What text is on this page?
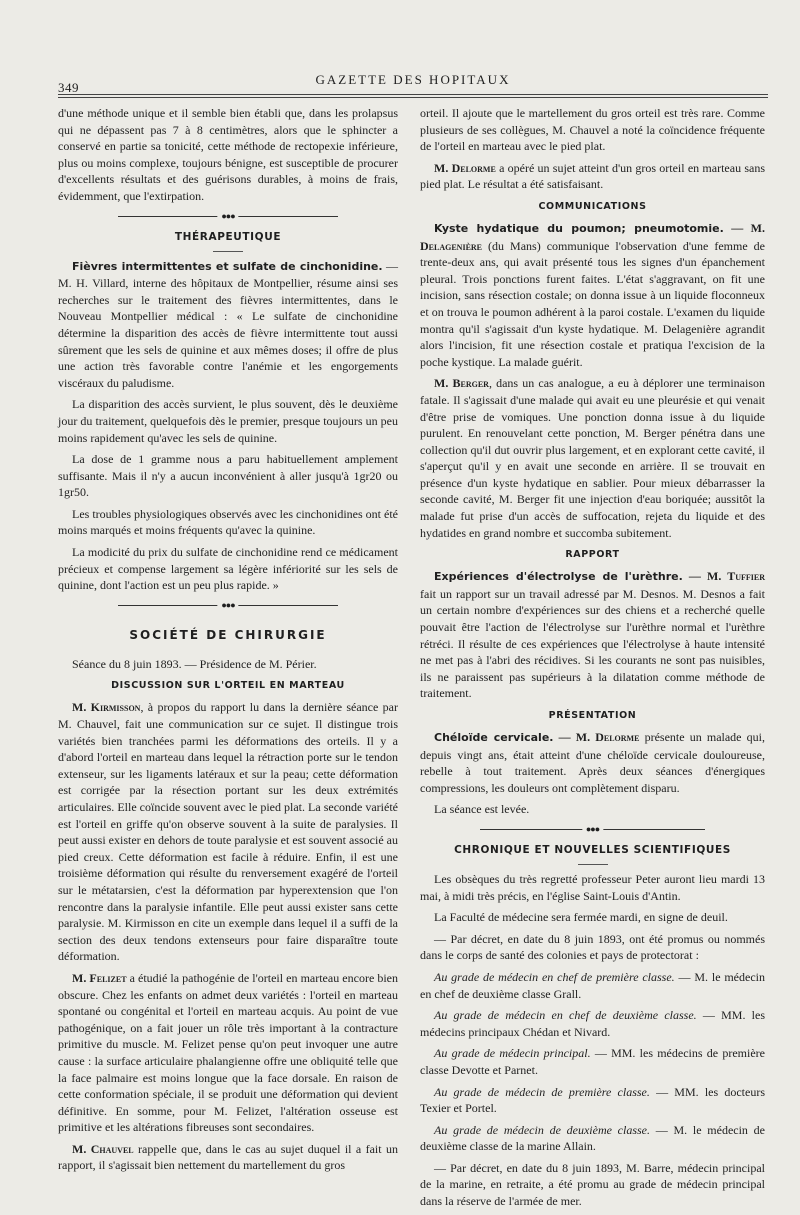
349
GAZETTE DES HOPITAUX

d'une méthode unique et il semble bien établi que, dans les prolapsus qui ne dépassent pas 7 à 8 centimètres, alors que le sphincter a conservé en partie sa tonicité, cette méthode de rectopexie inférieure, plus ou moins complexe, toujours bénigne, est susceptible de procurer d'excellents résultats et des guérisons durables, à moins de frais, évidemment, que l'extirpation.

●●●
THÉRAPEUTIQUE

Fièvres intermittentes et sulfate de cinchonidine. — M. H. Villard, interne des hôpitaux de Montpellier, résume ainsi ses recherches sur le traitement des fièvres intermittentes, dans le Nouveau Montpellier médical : « Le sulfate de cinchonidine détermine la disparition des accès de fièvre intermittente tout aussi sûrement que les sels de quinine et aux mêmes doses; il offre de plus une action très favorable contre l'anémie et les engorgements viscéraux du paludisme.

La disparition des accès survient, le plus souvent, dès le deuxième jour du traitement, quelquefois dès le premier, presque toujours un peu moins rapidement qu'avec les sels de quinine.

La dose de 1 gramme nous a paru habituellement amplement suffisante. Mais il n'y a aucun inconvénient à aller jusqu'à 1gr20 ou 1gr50.

Les troubles physiologiques observés avec les cinchonidines ont été moins marqués et moins fréquents qu'avec la quinine.

La modicité du prix du sulfate de cinchonidine rend ce médicament précieux et compense largement sa légère infériorité sur les sels de quinine, dont l'action est un peu plus rapide. »

●●●
SOCIÉTÉ DE CHIRURGIE

Séance du 8 juin 1893. — Présidence de M. Périer.

DISCUSSION SUR L'ORTEIL EN MARTEAU

M. Kirmisson, à propos du rapport lu dans la dernière séance par M. Chauvel, fait une communication sur ce sujet. Il distingue trois variétés bien tranchées parmi les déformations des orteils. Il y a d'abord l'orteil en marteau dans lequel la rétraction porte sur le tendon extenseur, sur les ligaments latéraux et sur la peau; cette déformation est corrigée par la résection portant sur les deux extrémités articulaires. Elle coïncide souvent avec le pied plat. La seconde variété est l'orteil en griffe qu'on observe souvent à la suite de paralysies. Il peut aussi exister en dehors de toute paralysie et est souvent associé au pied creux. Cette déformation est facile à réduire. Enfin, il est une troisième déformation qui résulte du renversement exagéré de l'orteil sur le métatarsien, c'est la déformation par hyperextension que l'on rencontre dans la paralysie infantile. Elle peut aussi exister sans cette paralysie. M. Kirmisson en cite un exemple dans lequel il a suffi de la section des deux tendons extenseurs pour faire disparaître toute déformation.

M. Felizet a étudié la pathogénie de l'orteil en marteau encore bien obscure. Chez les enfants on admet deux variétés : l'orteil en marteau spontané ou congénital et l'orteil en marteau acquis. Au point de vue pathogénique, on a fait jouer un rôle très important à la contracture primitive du muscle. M. Felizet pense qu'on peut invoquer une autre cause : la surface articulaire phalangienne offre une obliquité telle que la face palmaire est moins longue que la face dorsale. En raison de cette conformation spéciale, il se produit une déformation qui devient définitive. En somme, pour M. Felizet, l'altération osseuse est primitive et les altérations fibreuses sont secondaires.

M. Chauvel rappelle que, dans le cas au sujet duquel il a fait un rapport, il s'agissait bien nettement du martellement du gros

orteil. Il ajoute que le martellement du gros orteil est très rare. Comme plusieurs de ses collègues, M. Chauvel a noté la coïncidence fréquente de l'orteil en marteau avec le pied plat.

M. Delorme a opéré un sujet atteint d'un gros orteil en marteau sans pied plat. Le résultat a été satisfaisant.

COMMUNICATIONS

Kyste hydatique du poumon; pneumotomie. — M. Delagenière (du Mans) communique l'observation d'une femme de trente-deux ans, qui avait présenté tous les signes d'un épanchement pleural. Trois ponctions furent faites. L'état s'aggravant, on fit une incision, sans résection costale; on donna issue à un liquide floconneux et on trouva le poumon adhérent à la paroi costale. L'examen du liquide montra qu'il s'agissait d'un kyste hydatique. M. Delagenière agrandit alors l'incision, fit une résection costale et pratiqua l'excision de la poche kystique. La malade guérit.

M. Berger, dans un cas analogue, a eu à déplorer une terminaison fatale. Il s'agissait d'une malade qui avait eu une pleurésie et qui venait d'être prise de vomiques. Une ponction donna issue à du liquide purulent. En renouvelant cette ponction, M. Berger pénétra dans une collection qu'il dut ouvrir plus largement, et en explorant cette cavité, il s'aperçut qu'il y en avait une seconde en arrière. Il se trouvait en présence d'un kyste hydatique en sablier. Pour mieux débarrasser la seconde cavité, M. Berger fit une injection d'eau boriquée; aussitôt la malade fut prise d'un accès de suffocation, rejeta du liquide et des hydatides en grand nombre et succomba subitement.

RAPPORT

Expériences d'électrolyse de l'urèthre. — M. Tuffier fait un rapport sur un travail adressé par M. Desnos. M. Desnos a fait un certain nombre d'expériences sur des chiens et a recherché quelle pouvait être l'action de l'électrolyse sur l'urèthre normal et l'urèthre rétréci. Il résulte de ces expériences que l'électrolyse à haute intensité ne met pas à l'abri des récidives. Si les courants ne sont pas nuisibles, ils ne paraissent pas supérieurs à la dilatation comme méthode de traitement.

PRÉSENTATION

Chéloïde cervicale. — M. Delorme présente un malade qui, depuis vingt ans, était atteint d'une chéloïde cervicale douloureuse, rebelle à tout traitement. Après deux séances d'énergiques compressions, les douleurs ont complètement disparu.

La séance est levée.

●●●
CHRONIQUE ET NOUVELLES SCIENTIFIQUES

Les obsèques du très regretté professeur Peter auront lieu mardi 13 mai, à midi très précis, en l'église Saint-Louis d'Antin.

La Faculté de médecine sera fermée mardi, en signe de deuil.

— Par décret, en date du 8 juin 1893, ont été promus ou nommés dans le corps de santé des colonies et pays de protectorat :

Au grade de médecin en chef de première classe. — M. le médecin en chef de deuxième classe Grall.

Au grade de médecin en chef de deuxième classe. — MM. les médecins principaux Chédan et Nivard.

Au grade de médecin principal. — MM. les médecins de première classe Devotte et Parnet.

Au grade de médecin de première classe. — MM. les docteurs Texier et Portel.

Au grade de médecin de deuxième classe. — M. le médecin de deuxième classe de la marine Allain.

— Par décret, en date du 8 juin 1893, M. Barre, médecin principal de la marine, en retraite, a été promu au grade de médecin principal dans la réserve de l'armée de mer.
